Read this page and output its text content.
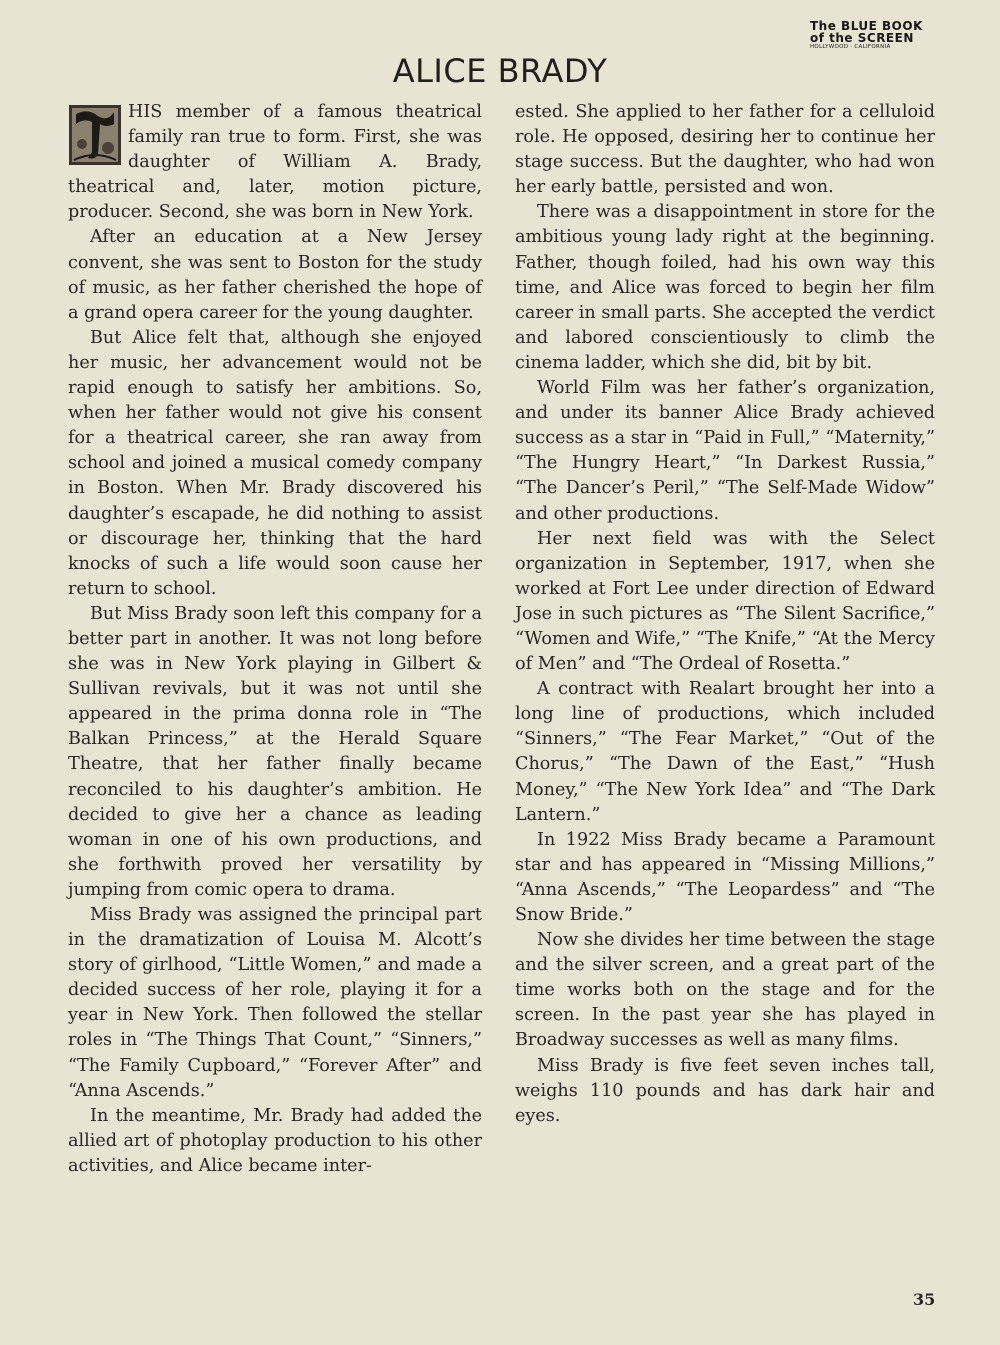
The BLUE BOOK
of the SCREEN
HOLLYWOOD · CALIFORNIA
ALICE BRADY

HIS member of a famous theatrical family ran true to form. First, she was daughter of William A. Brady, theatrical and, later, motion picture, producer. Second, she was born in New York.

After an education at a New Jersey convent, she was sent to Boston for the study of music, as her father cherished the hope of a grand opera career for the young daughter.

But Alice felt that, although she enjoyed her music, her advancement would not be rapid enough to satisfy her ambitions. So, when her father would not give his consent for a theatrical career, she ran away from school and joined a musical comedy company in Boston. When Mr. Brady discovered his daughter’s escapade, he did nothing to assist or discourage her, thinking that the hard knocks of such a life would soon cause her return to school.

But Miss Brady soon left this company for a better part in another. It was not long before she was in New York playing in Gilbert & Sullivan revivals, but it was not until she appeared in the prima donna role in “The Balkan Princess,” at the Herald Square Theatre, that her father finally became reconciled to his daughter’s ambition. He decided to give her a chance as leading woman in one of his own productions, and she forthwith proved her versatility by jumping from comic opera to drama.

Miss Brady was assigned the principal part in the dramatization of Louisa M. Alcott’s story of girlhood, “Little Women,” and made a decided success of her role, playing it for a year in New York. Then followed the stellar roles in “The Things That Count,” “Sinners,” “The Family Cupboard,” “Forever After” and “Anna Ascends.”

In the meantime, Mr. Brady had added the allied art of photoplay production to his other activities, and Alice became inter-

ested. She applied to her father for a celluloid role. He opposed, desiring her to continue her stage success. But the daughter, who had won her early battle, persisted and won.

There was a disappointment in store for the ambitious young lady right at the beginning. Father, though foiled, had his own way this time, and Alice was forced to begin her film career in small parts. She accepted the verdict and labored conscientiously to climb the cinema ladder, which she did, bit by bit.

World Film was her father’s organization, and under its banner Alice Brady achieved success as a star in “Paid in Full,” “Maternity,” “The Hungry Heart,” “In Darkest Russia,” “The Dancer’s Peril,” “The Self-Made Widow” and other productions.

Her next field was with the Select organization in September, 1917, when she worked at Fort Lee under direction of Edward Jose in such pictures as “The Silent Sacrifice,” “Women and Wife,” “The Knife,” “At the Mercy of Men” and “The Ordeal of Rosetta.”

A contract with Realart brought her into a long line of productions, which included “Sinners,” “The Fear Market,” “Out of the Chorus,” “The Dawn of the East,” “Hush Money,” “The New York Idea” and “The Dark Lantern.”

In 1922 Miss Brady became a Paramount star and has appeared in “Missing Millions,” “Anna Ascends,” “The Leopardess” and “The Snow Bride.”

Now she divides her time between the stage and the silver screen, and a great part of the time works both on the stage and for the screen. In the past year she has played in Broadway successes as well as many films.

Miss Brady is five feet seven inches tall, weighs 110 pounds and has dark hair and eyes.

35
